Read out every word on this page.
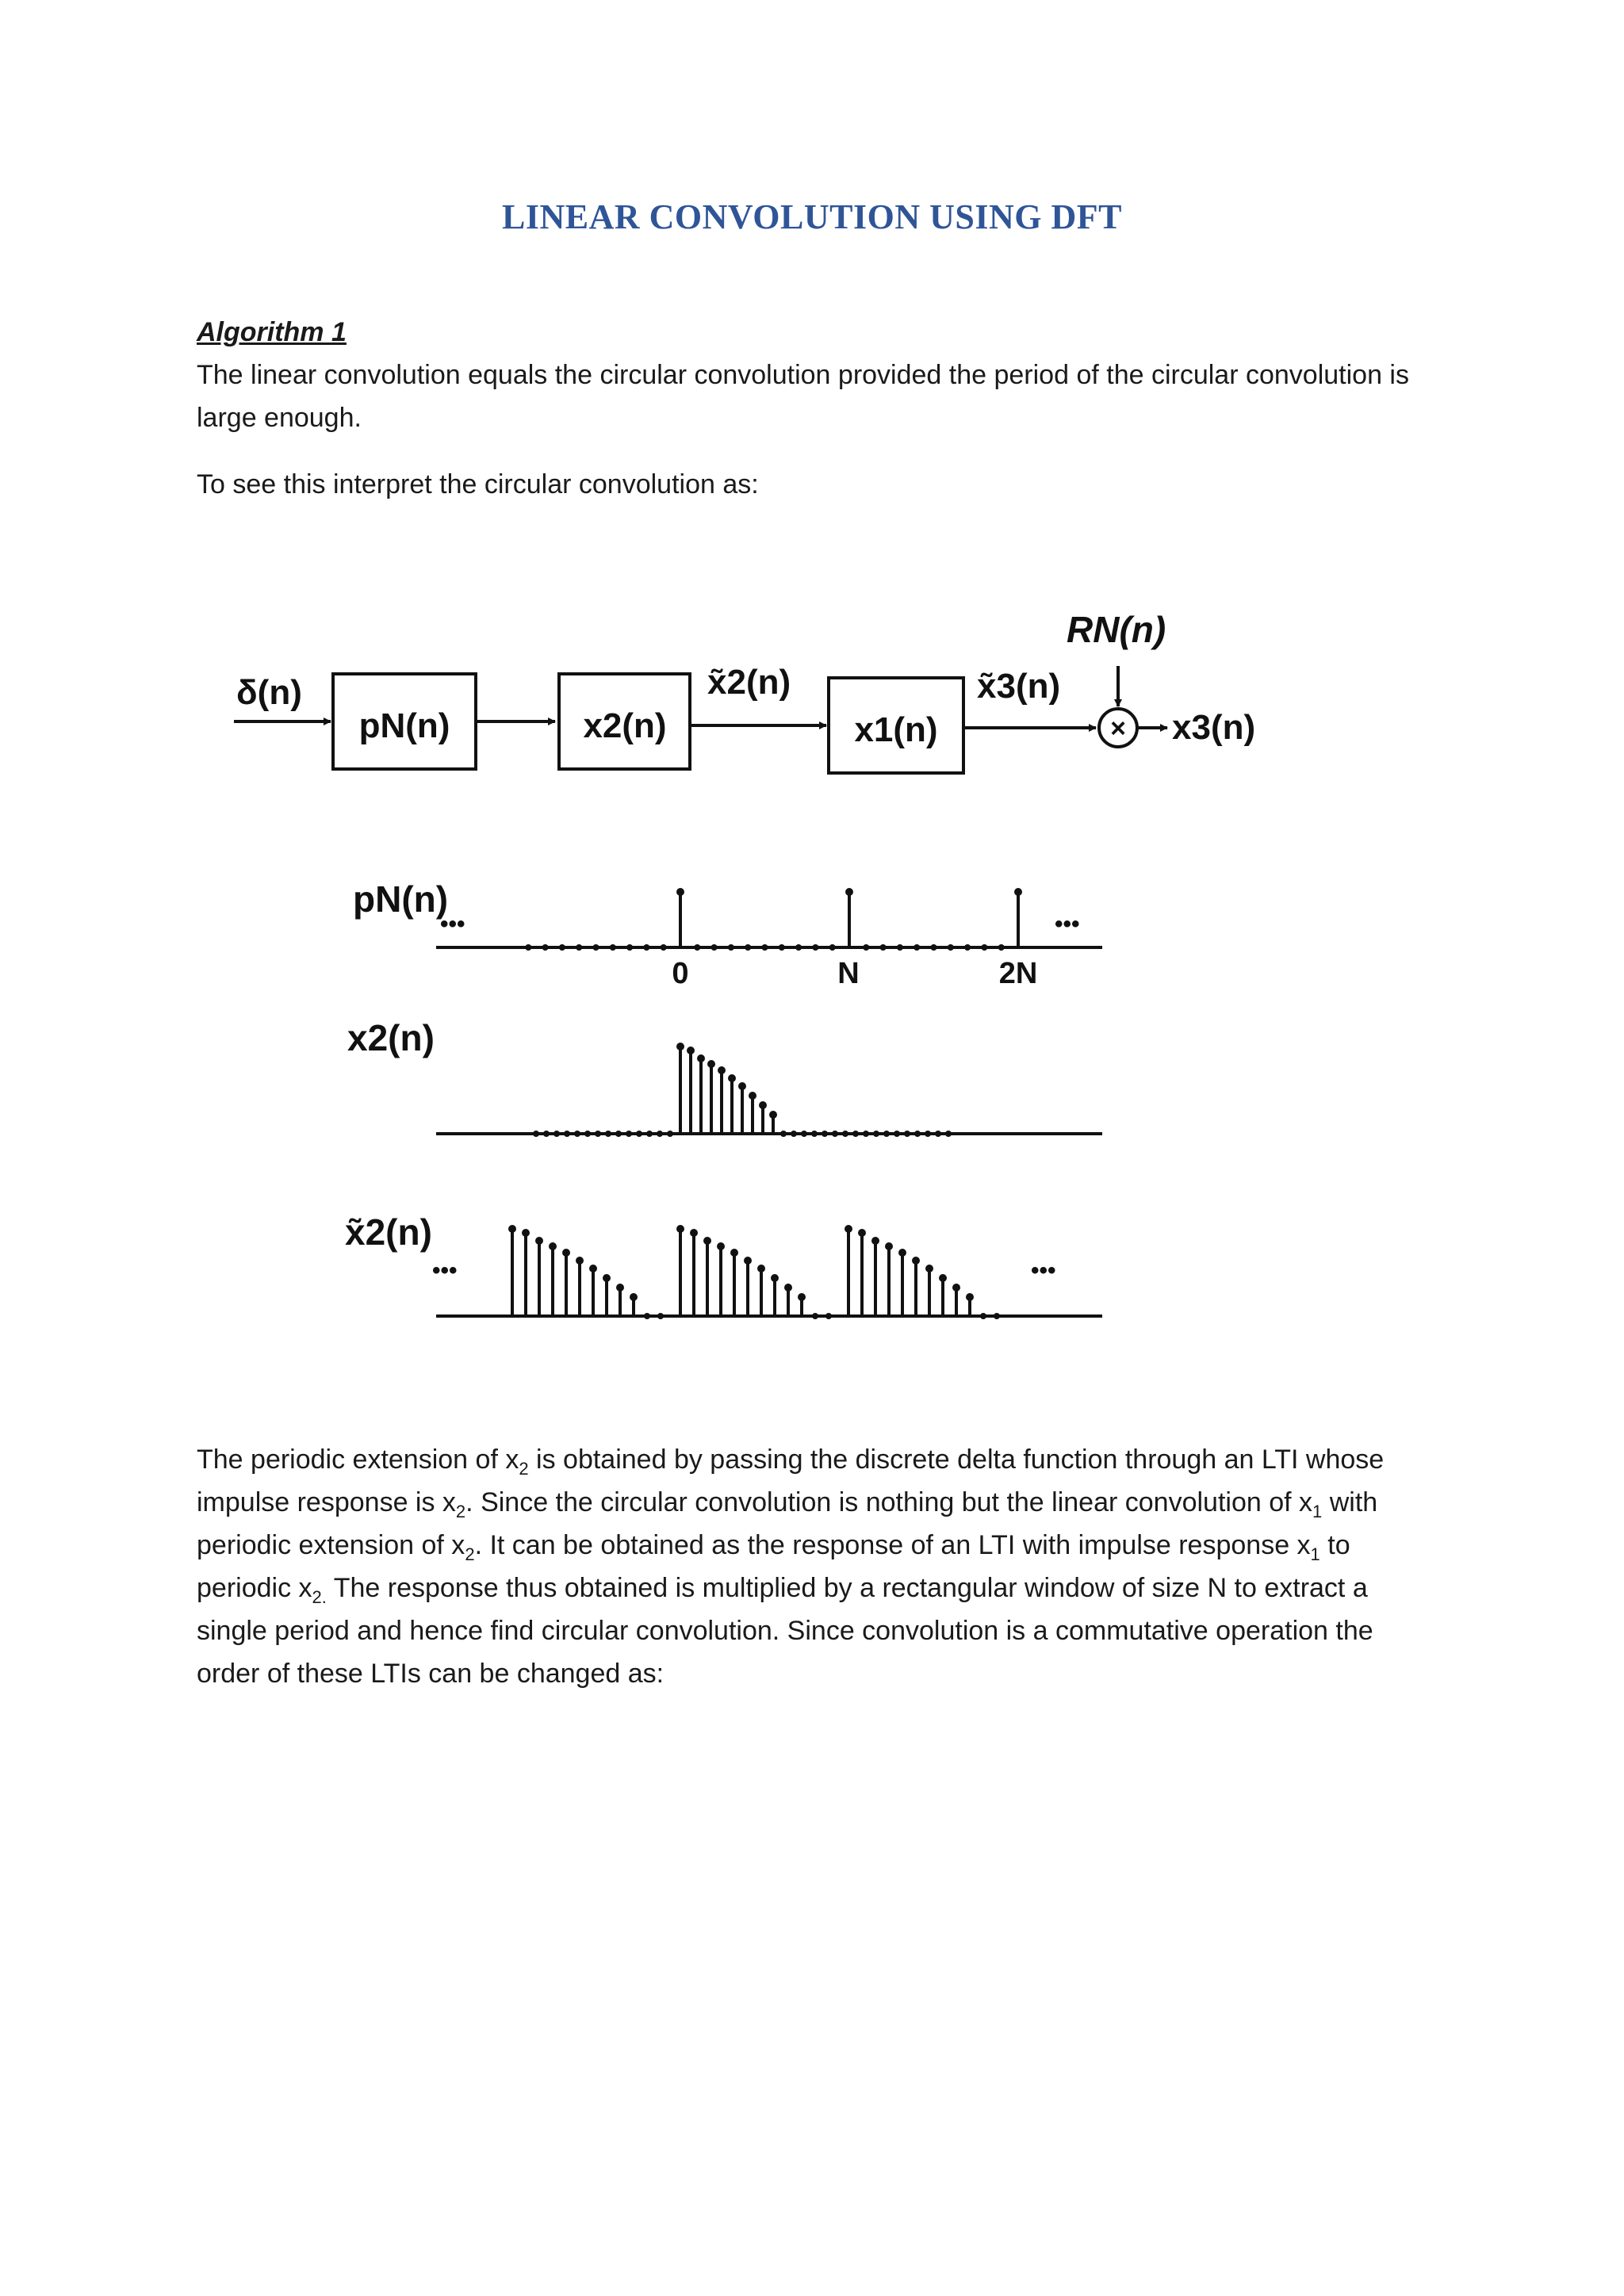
LINEAR CONVOLUTION USING DFT

Algorithm 1

The linear convolution equals the circular convolution provided the period of the circular convolution is large enough.

To see this interpret the circular convolution as:

×
δ(n)
pN(n)	x2(n)	x1(n)
x̃2(n)	x̃3(n)
RN(n)
x3(n)
pN(n)
•••	•••
0	N	2N
x2(n)
x̃2(n)
•••	•••

The periodic extension of $x_2$ is obtained by passing the discrete delta function through an LTI whose

impulse response is $x_2$. Since the circular convolution is nothing but the linear convolution of $x_1$ with

periodic extension of $x_2$. It can be obtained as the response of an LTI with impulse response $x_1$ to

periodic $x_{2.}$ The response thus obtained is multiplied by a rectangular window of size N to extract a

single period and hence find circular convolution. Since convolution is a commutative operation the

order of these LTIs can be changed as:
